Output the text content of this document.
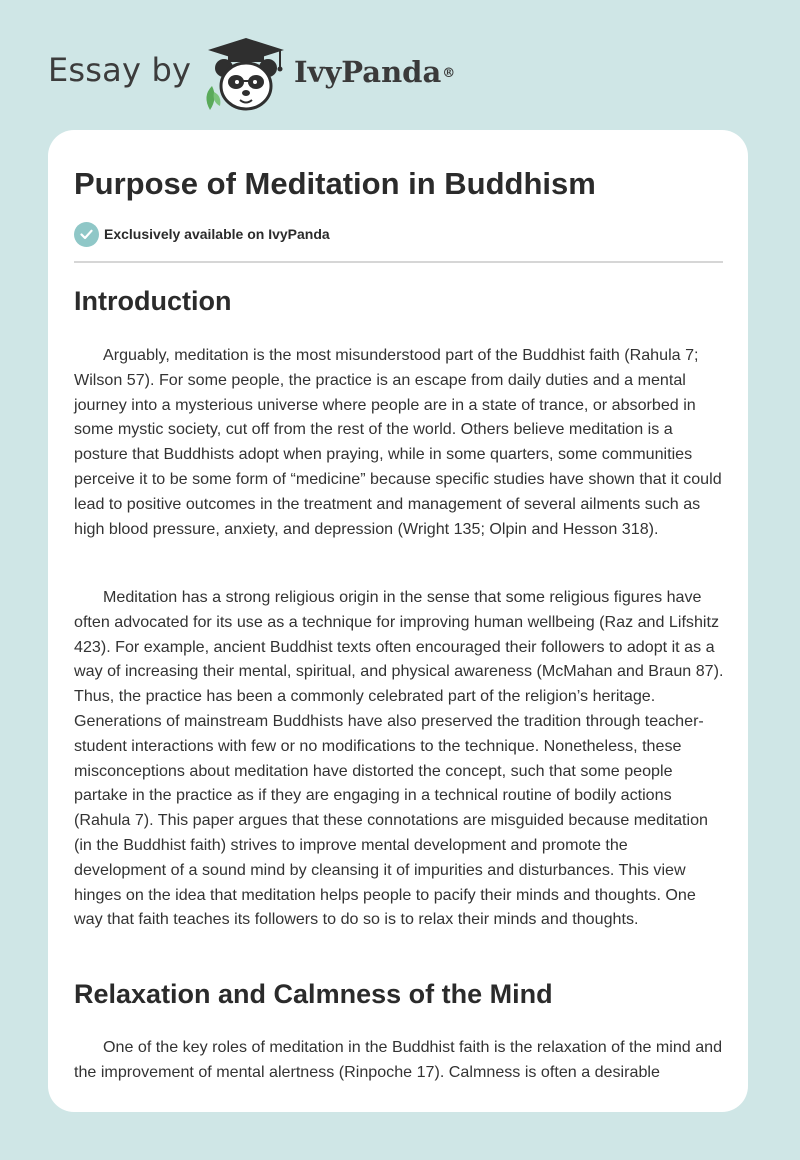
Essay by	IvyPanda®
Purpose of Meditation in Buddhism
Exclusively available on IvyPanda
Introduction

Arguably, meditation is the most misunderstood part of the Buddhist faith (Rahula 7; Wilson 57). For some people, the practice is an escape from daily duties and a mental journey into a mysterious universe where people are in a state of trance, or absorbed in some mystic society, cut off from the rest of the world. Others believe meditation is a posture that Buddhists adopt when praying, while in some quarters, some communities perceive it to be some form of “medicine” because specific studies have shown that it could lead to positive outcomes in the treatment and management of several ailments such as high blood pressure, anxiety, and depression (Wright 135; Olpin and Hesson 318).

Meditation has a strong religious origin in the sense that some religious figures have often advocated for its use as a technique for improving human wellbeing (Raz and Lifshitz 423). For example, ancient Buddhist texts often encouraged their followers to adopt it as a way of increasing their mental, spiritual, and physical awareness (McMahan and Braun 87). Thus, the practice has been a commonly celebrated part of the religion’s heritage. Generations of mainstream Buddhists have also preserved the tradition through teacher-student interactions with few or no modifications to the technique. Nonetheless, these misconceptions about meditation have distorted the concept, such that some people partake in the practice as if they are engaging in a technical routine of bodily actions (Rahula 7). This paper argues that these connotations are misguided because meditation (in the Buddhist faith) strives to improve mental development and promote the development of a sound mind by cleansing it of impurities and disturbances. This view hinges on the idea that meditation helps people to pacify their minds and thoughts. One way that faith teaches its followers to do so is to relax their minds and thoughts.

Relaxation and Calmness of the Mind

One of the key roles of meditation in the Buddhist faith is the relaxation of the mind and the improvement of mental alertness (Rinpoche 17). Calmness is often a desirable
